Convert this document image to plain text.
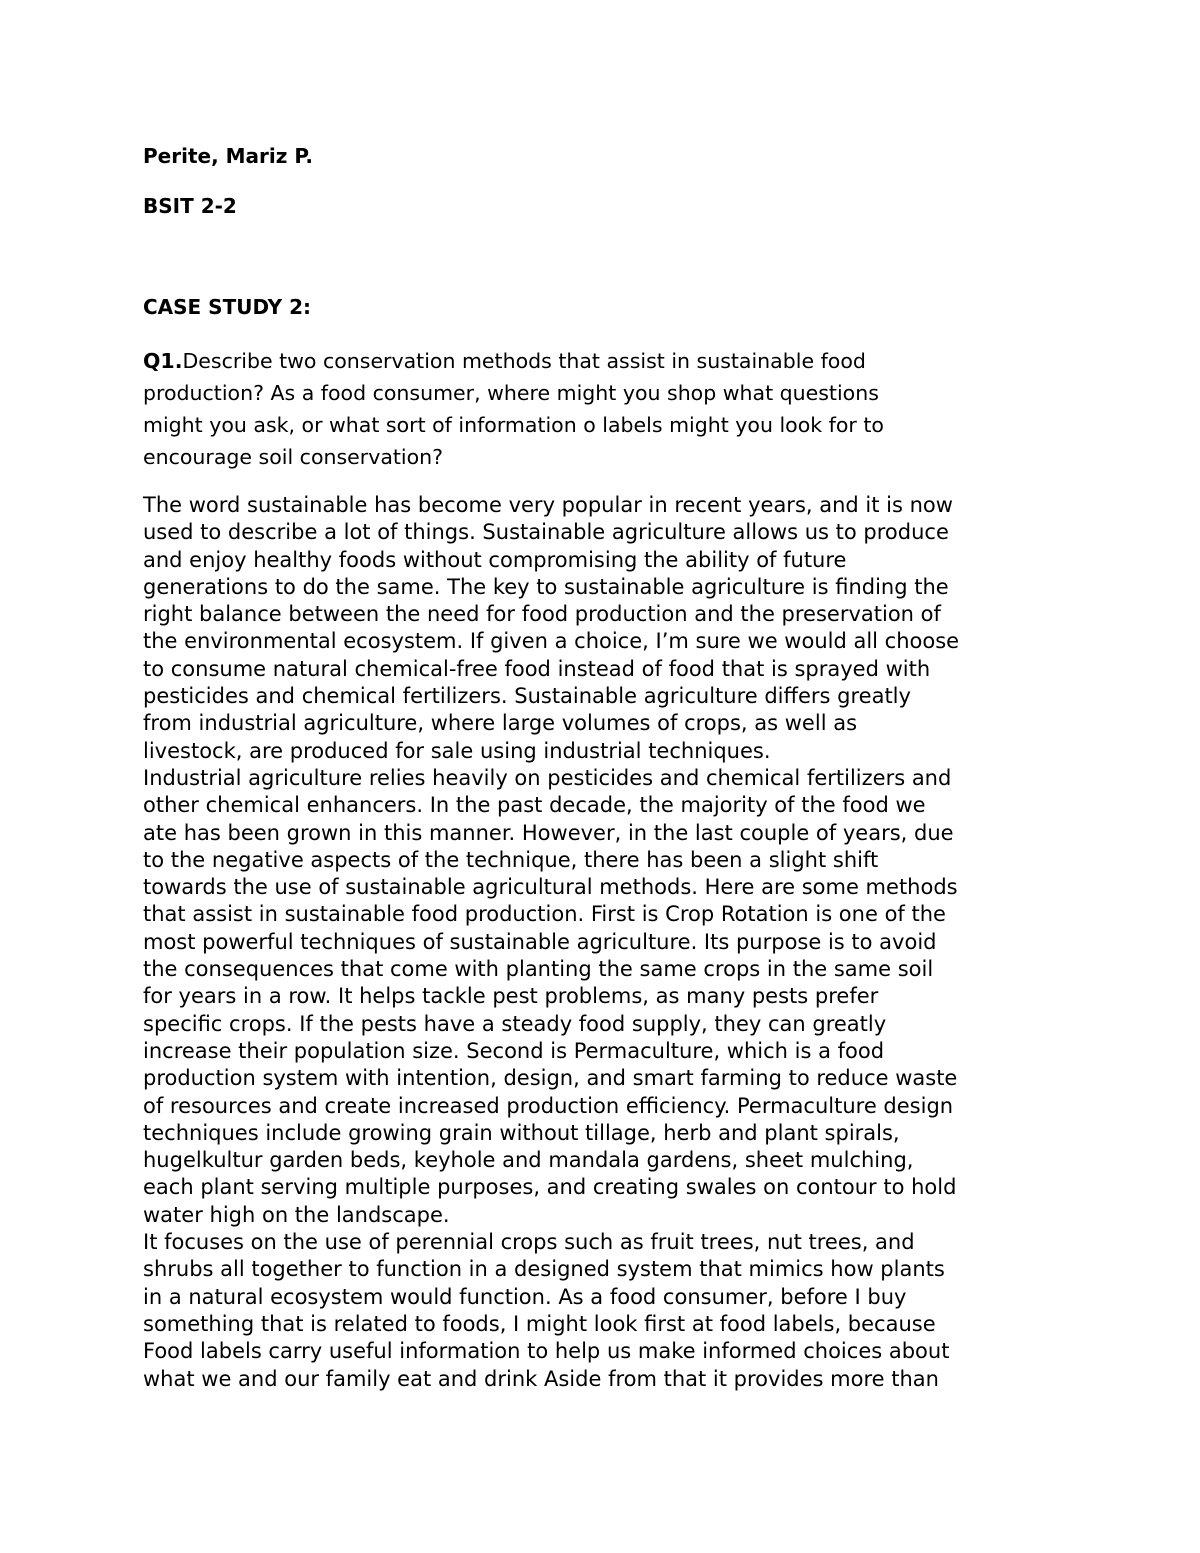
Perite, Mariz P.

BSIT 2-2

CASE STUDY 2:

Q1.Describe two conservation methods that assist in sustainable food
production? As a food consumer, where might you shop what questions
might you ask, or what sort of information o labels might you look for to
encourage soil conservation?

The word sustainable has become very popular in recent years, and it is now
used to describe a lot of things. Sustainable agriculture allows us to produce
and enjoy healthy foods without compromising the ability of future
generations to do the same. The key to sustainable agriculture is finding the
right balance between the need for food production and the preservation of
the environmental ecosystem. If given a choice, I’m sure we would all choose
to consume natural chemical-free food instead of food that is sprayed with
pesticides and chemical fertilizers. Sustainable agriculture differs greatly
from industrial agriculture, where large volumes of crops, as well as
livestock, are produced for sale using industrial techniques.

Industrial agriculture relies heavily on pesticides and chemical fertilizers and
other chemical enhancers. In the past decade, the majority of the food we
ate has been grown in this manner. However, in the last couple of years, due
to the negative aspects of the technique, there has been a slight shift
towards the use of sustainable agricultural methods. Here are some methods
that assist in sustainable food production. First is Crop Rotation is one of the
most powerful techniques of sustainable agriculture. Its purpose is to avoid
the consequences that come with planting the same crops in the same soil
for years in a row. It helps tackle pest problems, as many pests prefer
specific crops. If the pests have a steady food supply, they can greatly
increase their population size. Second is Permaculture, which is a food
production system with intention, design, and smart farming to reduce waste
of resources and create increased production efficiency. Permaculture design
techniques include growing grain without tillage, herb and plant spirals,
hugelkultur garden beds, keyhole and mandala gardens, sheet mulching,
each plant serving multiple purposes, and creating swales on contour to hold
water high on the landscape.

It focuses on the use of perennial crops such as fruit trees, nut trees, and
shrubs all together to function in a designed system that mimics how plants
in a natural ecosystem would function. As a food consumer, before I buy
something that is related to foods, I might look first at food labels, because
Food labels carry useful information to help us make informed choices about
what we and our family eat and drink Aside from that it provides more than
